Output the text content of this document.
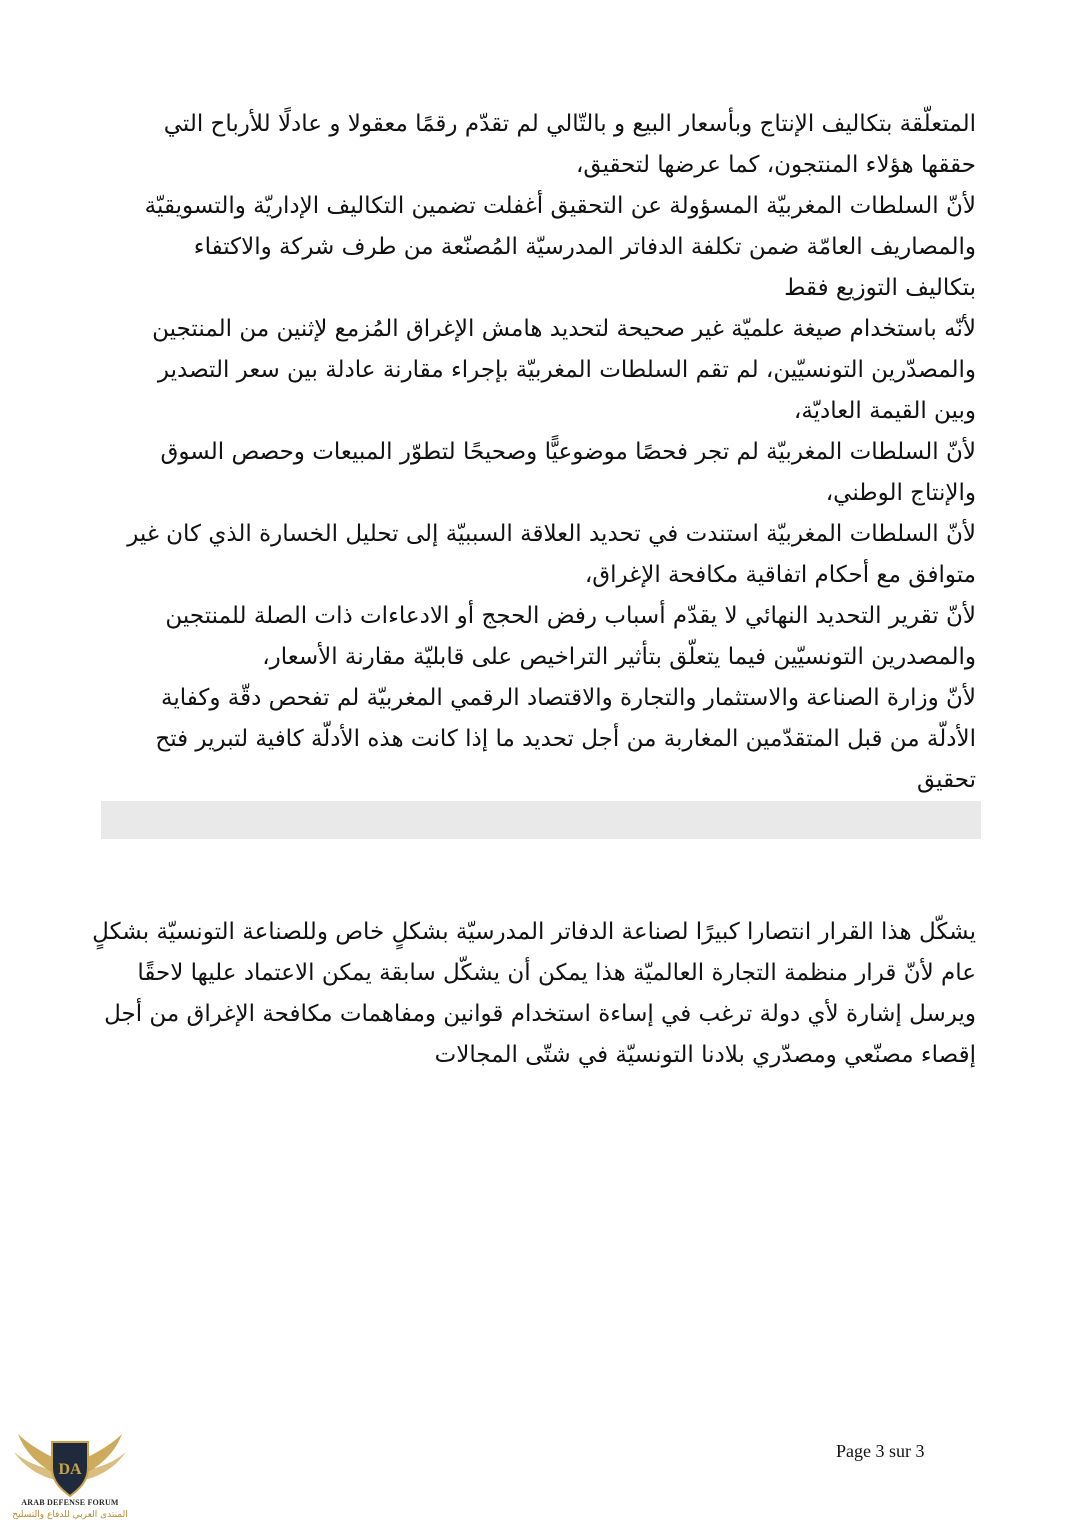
المتعلّقة بتكاليف الإنتاج وبأسعار البيع و بالتّالي لم تقدّم رقمًا معقولا و عادلًا للأرباح التي
حققها هؤلاء المنتجون، كما عرضها لتحقيق،
لأنّ السلطات المغربيّة المسؤولة عن التحقيق أغفلت تضمين التكاليف الإداريّة والتسويقيّة
والمصاريف العامّة ضمن تكلفة الدفاتر المدرسيّة المُصنّعة من طرف شركة والاكتفاء
بتكاليف التوزيع فقط
لأنّه باستخدام صيغة علميّة غير صحيحة لتحديد هامش الإغراق المُزمع لإثنين من المنتجين
والمصدّرين التونسيّين، لم تقم السلطات المغربيّة بإجراء مقارنة عادلة بين سعر التصدير
وبين القيمة العاديّة،
لأنّ السلطات المغربيّة لم تجر فحصًا موضوعيًّا وصحيحًا لتطوّر المبيعات وحصص السوق
والإنتاج الوطني،
لأنّ السلطات المغربيّة استندت في تحديد العلاقة السببيّة إلى تحليل الخسارة الذي كان غير
متوافق مع أحكام اتفاقية مكافحة الإغراق،
لأنّ تقرير التحديد النهائي لا يقدّم أسباب رفض الحجج أو الادعاءات ذات الصلة للمنتجين
والمصدرين التونسيّين فيما يتعلّق بتأثير التراخيص على قابليّة مقارنة الأسعار،
لأنّ وزارة الصناعة والاستثمار والتجارة والاقتصاد الرقمي المغربيّة لم تفحص دقّة وكفاية
الأدلّة من قبل المتقدّمين المغاربة من أجل تحديد ما إذا كانت هذه الأدلّة كافية لتبرير فتح
تحقيق
يشكّل هذا القرار انتصارا كبيرًا لصناعة الدفاتر المدرسيّة بشكلٍ خاص وللصناعة التونسيّة بشكلٍ
عام لأنّ قرار منظمة التجارة العالميّة هذا يمكن أن يشكّل سابقة يمكن الاعتماد عليها لاحقًا
ويرسل إشارة لأي دولة ترغب في إساءة استخدام قوانين ومفاهمات مكافحة الإغراق من أجل
إقصاء مصنّعي ومصدّري بلادنا التونسيّة في شتّى المجالات
Page 3 sur 3
DA
ARAB DEFENSE FORUM
المنتدى العربي للدفاع والتسليح
